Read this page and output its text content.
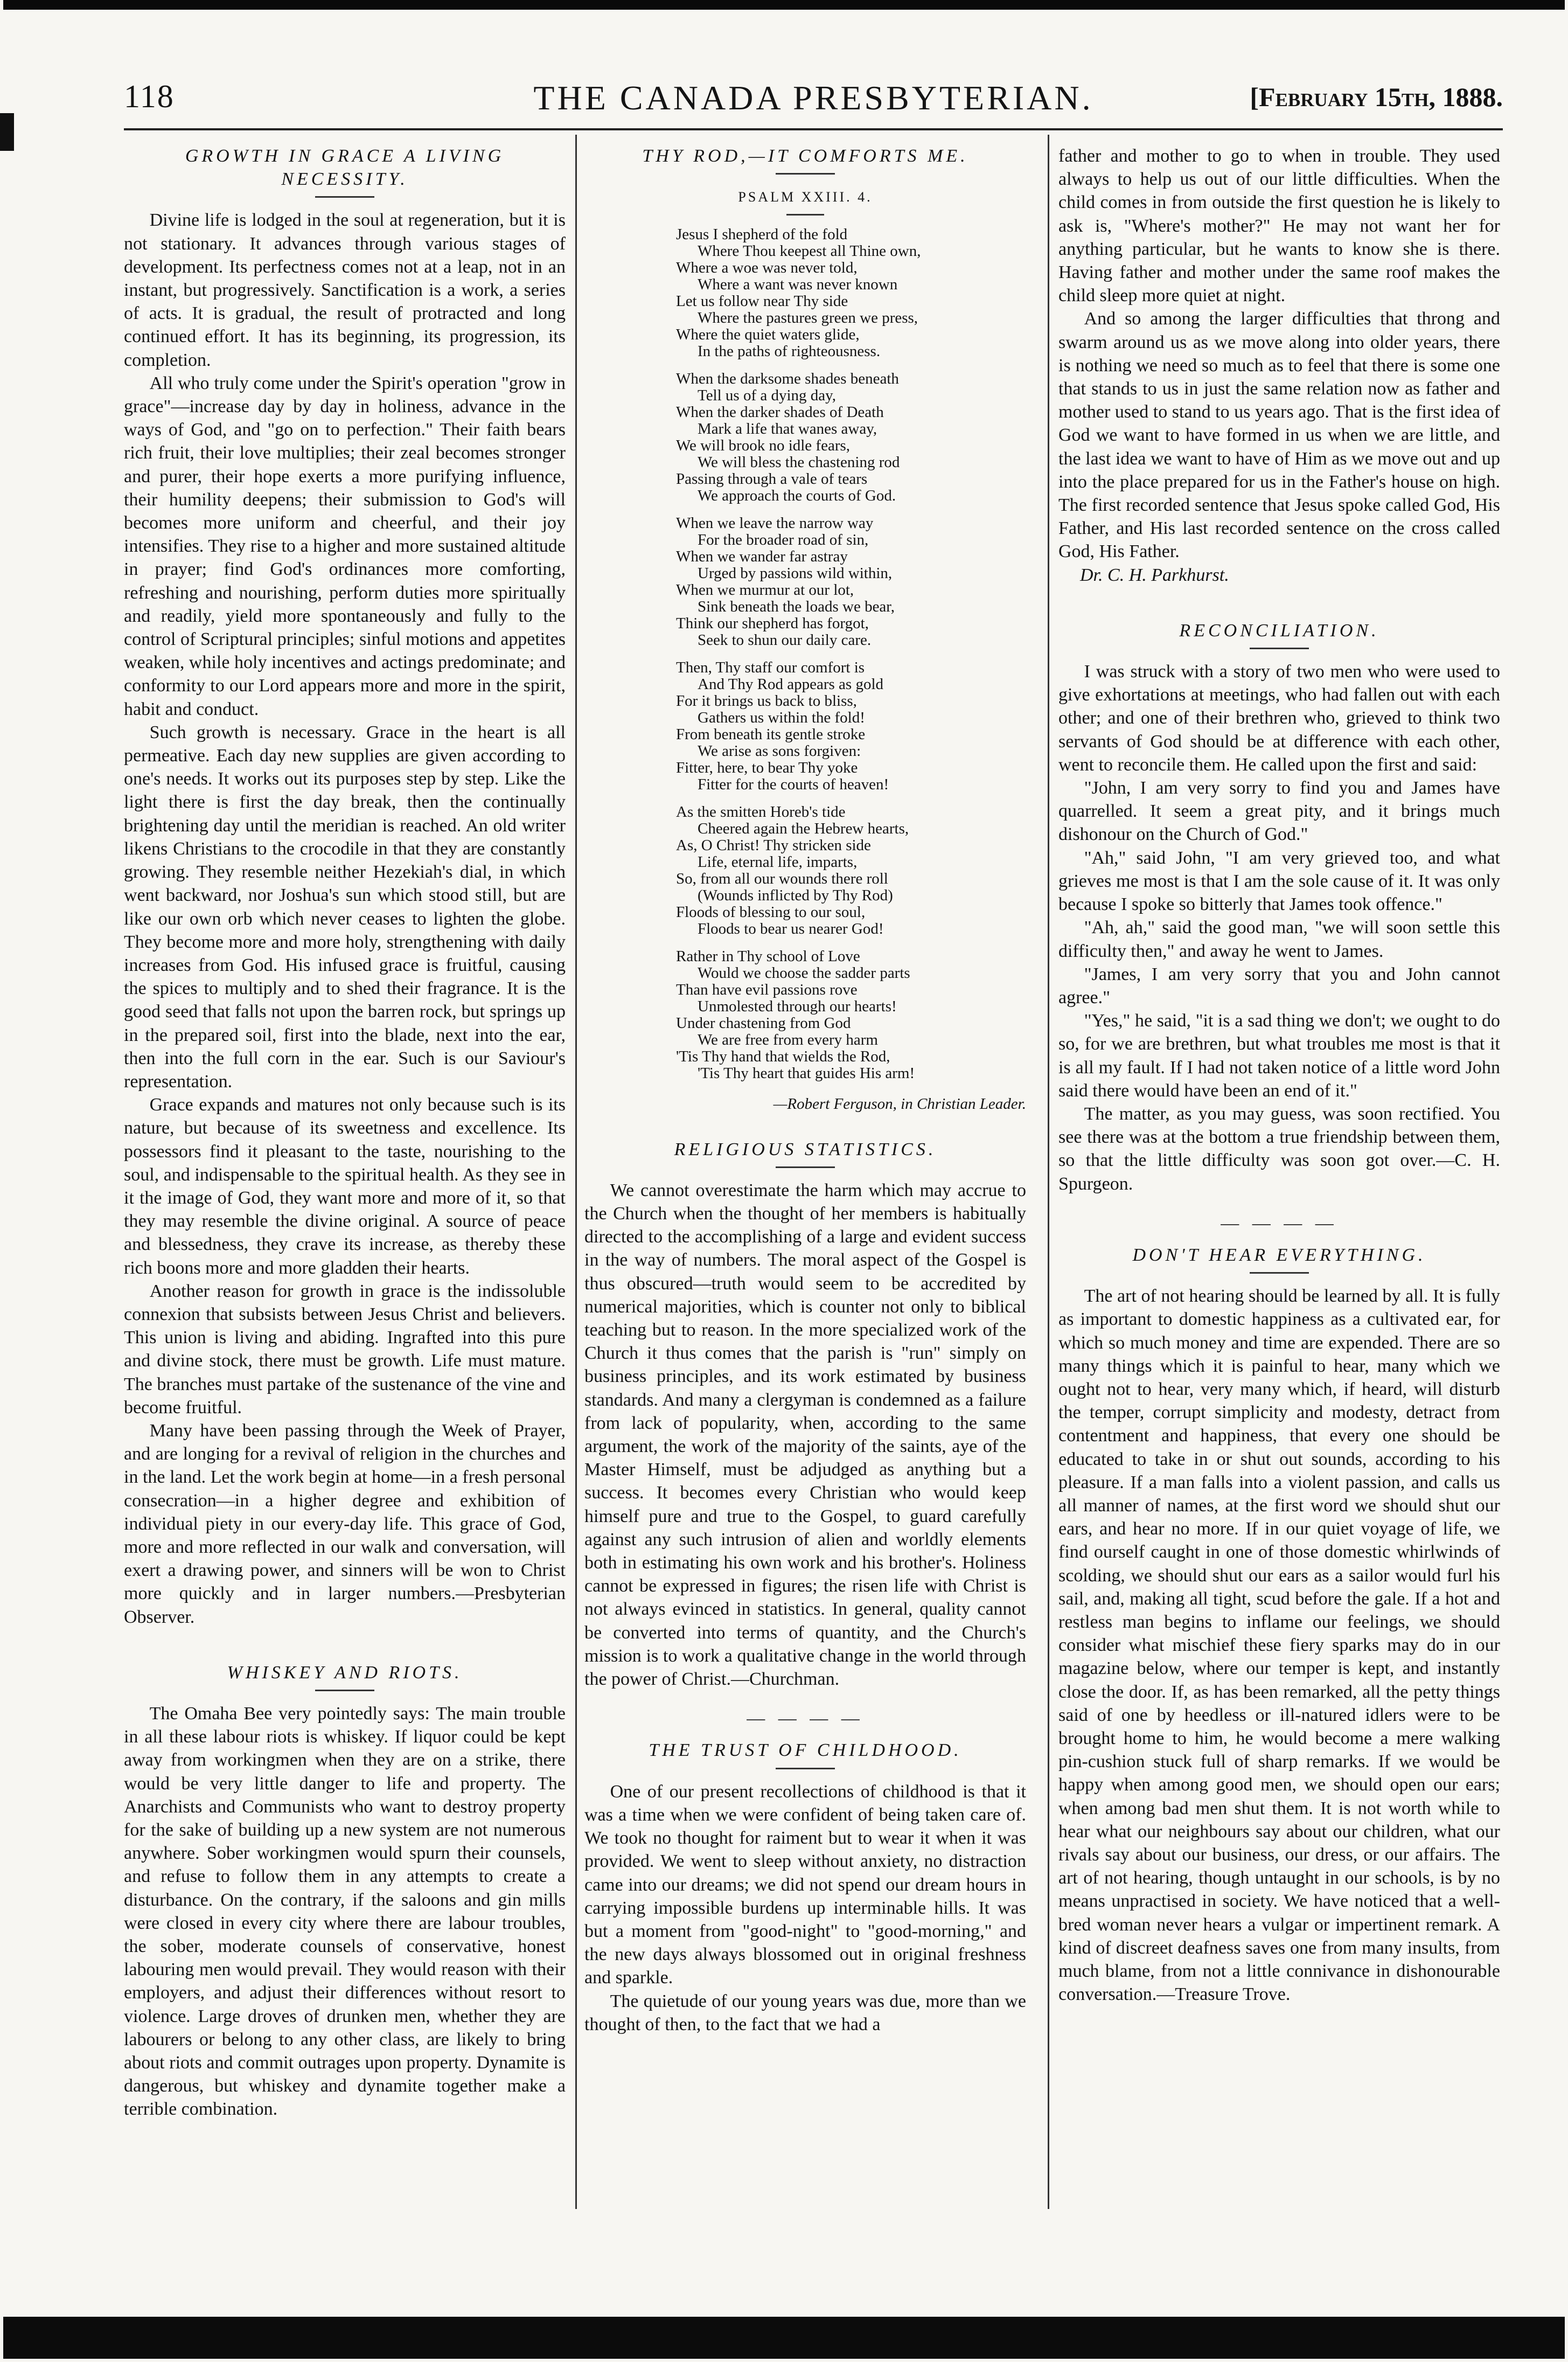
118	THE CANADA PRESBYTERIAN.	[February 15th, 1888.
GROWTH IN GRACE A LIVING NECESSITY.

Divine life is lodged in the soul at regeneration, but it is not stationary. It advances through various stages of development. Its perfectness comes not at a leap, not in an instant, but progressively. Sanctification is a work, a series of acts. It is gradual, the result of protracted and long continued effort. It has its beginning, its progression, its completion.

All who truly come under the Spirit's operation "grow in grace"—increase day by day in holiness, advance in the ways of God, and "go on to perfection." Their faith bears rich fruit, their love multiplies; their zeal becomes stronger and purer, their hope exerts a more purifying influence, their humility deepens; their submission to God's will becomes more uniform and cheerful, and their joy intensifies. They rise to a higher and more sustained altitude in prayer; find God's ordinances more comforting, refreshing and nourishing, perform duties more spiritually and readily, yield more spontaneously and fully to the control of Scriptural principles; sinful motions and appetites weaken, while holy incentives and actings predominate; and conformity to our Lord appears more and more in the spirit, habit and conduct.

Such growth is necessary. Grace in the heart is all permeative. Each day new supplies are given according to one's needs. It works out its purposes step by step. Like the light there is first the day break, then the continually brightening day until the meridian is reached. An old writer likens Christians to the crocodile in that they are constantly growing. They resemble neither Hezekiah's dial, in which went backward, nor Joshua's sun which stood still, but are like our own orb which never ceases to lighten the globe. They become more and more holy, strengthening with daily increases from God. His infused grace is fruitful, causing the spices to multiply and to shed their fragrance. It is the good seed that falls not upon the barren rock, but springs up in the prepared soil, first into the blade, next into the ear, then into the full corn in the ear. Such is our Saviour's representation.

Grace expands and matures not only because such is its nature, but because of its sweetness and excellence. Its possessors find it pleasant to the taste, nourishing to the soul, and indispensable to the spiritual health. As they see in it the image of God, they want more and more of it, so that they may resemble the divine original. A source of peace and blessedness, they crave its increase, as thereby these rich boons more and more gladden their hearts.

Another reason for growth in grace is the indissoluble connexion that subsists between Jesus Christ and believers. This union is living and abiding. Ingrafted into this pure and divine stock, there must be growth. Life must mature. The branches must partake of the sustenance of the vine and become fruitful.

Many have been passing through the Week of Prayer, and are longing for a revival of religion in the churches and in the land. Let the work begin at home—in a fresh personal consecration—in a higher degree and exhibition of individual piety in our every-day life. This grace of God, more and more reflected in our walk and conversation, will exert a drawing power, and sinners will be won to Christ more quickly and in larger numbers.—Presbyterian Observer.

WHISKEY AND RIOTS.

The Omaha Bee very pointedly says: The main trouble in all these labour riots is whiskey. If liquor could be kept away from workingmen when they are on a strike, there would be very little danger to life and property. The Anarchists and Communists who want to destroy property for the sake of building up a new system are not numerous anywhere. Sober workingmen would spurn their counsels, and refuse to follow them in any attempts to create a disturbance. On the contrary, if the saloons and gin mills were closed in every city where there are labour troubles, the sober, moderate counsels of conservative, honest labouring men would prevail. They would reason with their employers, and adjust their differences without resort to violence. Large droves of drunken men, whether they are labourers or belong to any other class, are likely to bring about riots and commit outrages upon property. Dynamite is dangerous, but whiskey and dynamite together make a terrible combination.

THY ROD,—IT COMFORTS ME.
PSALM XXIII. 4.
Jesus I shepherd of the fold
Where Thou keepest all Thine own,
Where a woe was never told,
Where a want was never known
Let us follow near Thy side
Where the pastures green we press,
Where the quiet waters glide,
In the paths of righteousness.
When the darksome shades beneath
Tell us of a dying day,
When the darker shades of Death
Mark a life that wanes away,
We will brook no idle fears,
We will bless the chastening rod
Passing through a vale of tears
We approach the courts of God.
When we leave the narrow way
For the broader road of sin,
When we wander far astray
Urged by passions wild within,
When we murmur at our lot,
Sink beneath the loads we bear,
Think our shepherd has forgot,
Seek to shun our daily care.
Then, Thy staff our comfort is
And Thy Rod appears as gold
For it brings us back to bliss,
Gathers us within the fold!
From beneath its gentle stroke
We arise as sons forgiven:
Fitter, here, to bear Thy yoke
Fitter for the courts of heaven!
As the smitten Horeb's tide
Cheered again the Hebrew hearts,
As, O Christ! Thy stricken side
Life, eternal life, imparts,
So, from all our wounds there roll
(Wounds inflicted by Thy Rod)
Floods of blessing to our soul,
Floods to bear us nearer God!
Rather in Thy school of Love
Would we choose the sadder parts
Than have evil passions rove
Unmolested through our hearts!
Under chastening from God
We are free from every harm
'Tis Thy hand that wields the Rod,
'Tis Thy heart that guides His arm!
—Robert Ferguson, in Christian Leader.
RELIGIOUS STATISTICS.

We cannot overestimate the harm which may accrue to the Church when the thought of her members is habitually directed to the accomplishing of a large and evident success in the way of numbers. The moral aspect of the Gospel is thus obscured—truth would seem to be accredited by numerical majorities, which is counter not only to biblical teaching but to reason. In the more specialized work of the Church it thus comes that the parish is "run" simply on business principles, and its work estimated by business standards. And many a clergyman is condemned as a failure from lack of popularity, when, according to the same argument, the work of the majority of the saints, aye of the Master Himself, must be adjudged as anything but a success. It becomes every Christian who would keep himself pure and true to the Gospel, to guard carefully against any such intrusion of alien and worldly elements both in estimating his own work and his brother's. Holiness cannot be expressed in figures; the risen life with Christ is not always evinced in statistics. In general, quality cannot be converted into terms of quantity, and the Church's mission is to work a qualitative change in the world through the power of Christ.—Churchman.

— — — —
THE TRUST OF CHILDHOOD.

One of our present recollections of childhood is that it was a time when we were confident of being taken care of. We took no thought for raiment but to wear it when it was provided. We went to sleep without anxiety, no distraction came into our dreams; we did not spend our dream hours in carrying impossible burdens up interminable hills. It was but a moment from "good-night" to "good-morning," and the new days always blossomed out in original freshness and sparkle.

The quietude of our young years was due, more than we thought of then, to the fact that we had a

father and mother to go to when in trouble. They used always to help us out of our little difficulties. When the child comes in from outside the first question he is likely to ask is, "Where's mother?" He may not want her for anything particular, but he wants to know she is there. Having father and mother under the same roof makes the child sleep more quiet at night.

And so among the larger difficulties that throng and swarm around us as we move along into older years, there is nothing we need so much as to feel that there is some one that stands to us in just the same relation now as father and mother used to stand to us years ago. That is the first idea of God we want to have formed in us when we are little, and the last idea we want to have of Him as we move out and up into the place prepared for us in the Father's house on high. The first recorded sentence that Jesus spoke called God, His Father, and His last recorded sentence on the cross called God, His Father.

Dr. C. H. Parkhurst.
RECONCILIATION.

I was struck with a story of two men who were used to give exhortations at meetings, who had fallen out with each other; and one of their brethren who, grieved to think two servants of God should be at difference with each other, went to reconcile them. He called upon the first and said:

"John, I am very sorry to find you and James have quarrelled. It seem a great pity, and it brings much dishonour on the Church of God."

"Ah," said John, "I am very grieved too, and what grieves me most is that I am the sole cause of it. It was only because I spoke so bitterly that James took offence."

"Ah, ah," said the good man, "we will soon settle this difficulty then," and away he went to James.

"James, I am very sorry that you and John cannot agree."

"Yes," he said, "it is a sad thing we don't; we ought to do so, for we are brethren, but what troubles me most is that it is all my fault. If I had not taken notice of a little word John said there would have been an end of it."

The matter, as you may guess, was soon rectified. You see there was at the bottom a true friendship between them, so that the little difficulty was soon got over.—C. H. Spurgeon.

— — — —
DON'T HEAR EVERYTHING.

The art of not hearing should be learned by all. It is fully as important to domestic happiness as a cultivated ear, for which so much money and time are expended. There are so many things which it is painful to hear, many which we ought not to hear, very many which, if heard, will disturb the temper, corrupt simplicity and modesty, detract from contentment and happiness, that every one should be educated to take in or shut out sounds, according to his pleasure. If a man falls into a violent passion, and calls us all manner of names, at the first word we should shut our ears, and hear no more. If in our quiet voyage of life, we find ourself caught in one of those domestic whirlwinds of scolding, we should shut our ears as a sailor would furl his sail, and, making all tight, scud before the gale. If a hot and restless man begins to inflame our feelings, we should consider what mischief these fiery sparks may do in our magazine below, where our temper is kept, and instantly close the door. If, as has been remarked, all the petty things said of one by heedless or ill-natured idlers were to be brought home to him, he would become a mere walking pin-cushion stuck full of sharp remarks. If we would be happy when among good men, we should open our ears; when among bad men shut them. It is not worth while to hear what our neighbours say about our children, what our rivals say about our business, our dress, or our affairs. The art of not hearing, though untaught in our schools, is by no means unpractised in society. We have noticed that a well-bred woman never hears a vulgar or impertinent remark. A kind of discreet deafness saves one from many insults, from much blame, from not a little connivance in dishonourable conversation.—Treasure Trove.
